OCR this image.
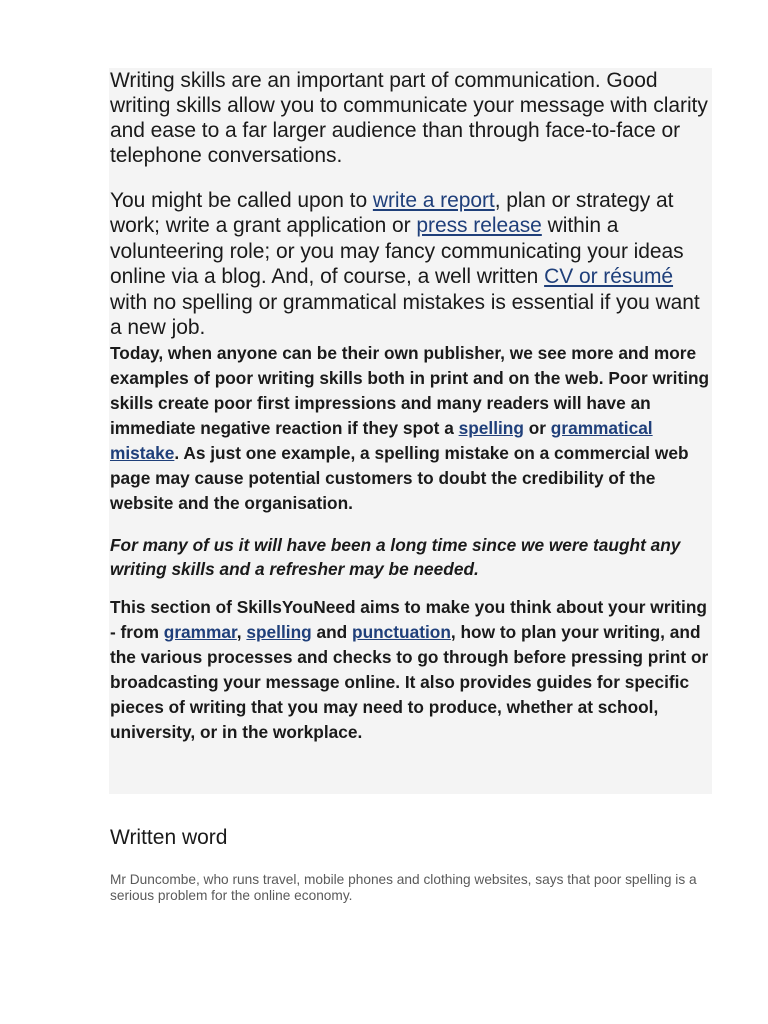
Writing skills are an important part of communication. Good writing skills allow you to communicate your message with clarity and ease to a far larger audience than through face-to-face or telephone conversations.

You might be called upon to write a report, plan or strategy at work; write a grant application or press release within a volunteering role; or you may fancy communicating your ideas online via a blog. And, of course, a well written CV or résumé with no spelling or grammatical mistakes is essential if you want a new job.

Today, when anyone can be their own publisher, we see more and more examples of poor writing skills both in print and on the web. Poor writing skills create poor first impressions and many readers will have an immediate negative reaction if they spot a spelling or grammatical mistake. As just one example, a spelling mistake on a commercial web page may cause potential customers to doubt the credibility of the website and the organisation.

For many of us it will have been a long time since we were taught any writing skills and a refresher may be needed.

This section of SkillsYouNeed aims to make you think about your writing - from grammar, spelling and punctuation, how to plan your writing, and the various processes and checks to go through before pressing print or broadcasting your message online. It also provides guides for specific pieces of writing that you may need to produce, whether at school, university, or in the workplace.

Written word

Mr Duncombe, who runs travel, mobile phones and clothing websites, says that poor spelling is a serious problem for the online economy.
